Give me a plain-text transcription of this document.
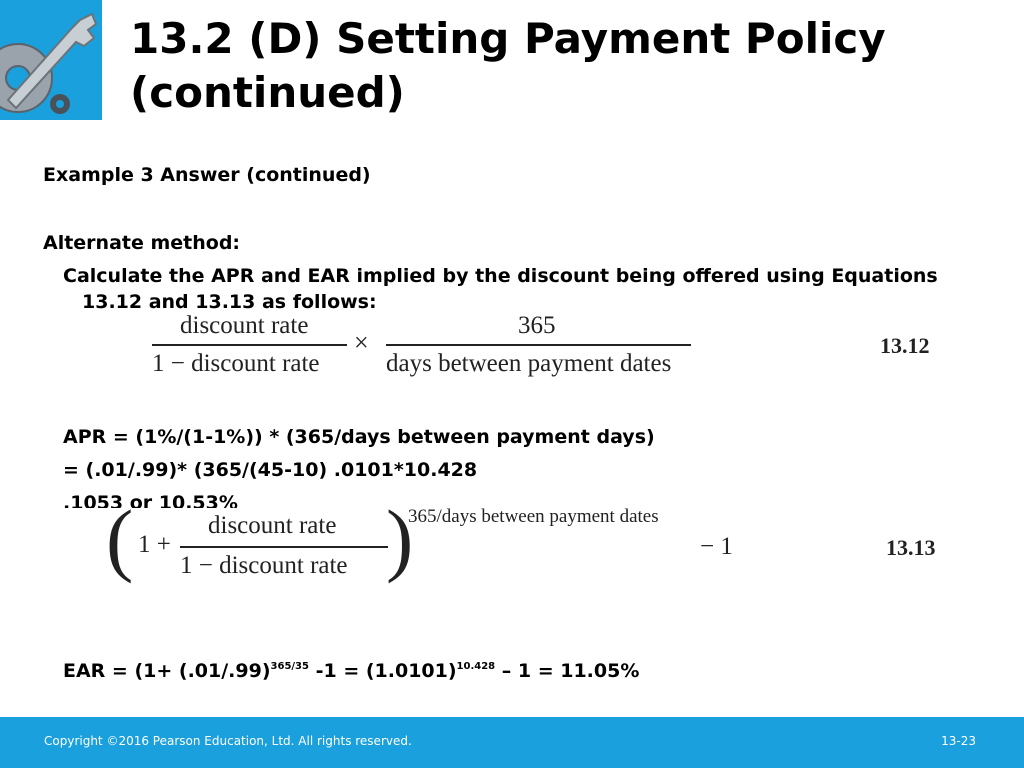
13.2 (D) Setting Payment Policy
(continued)

Example 3 Answer (continued)

Alternate method:

Calculate the APR and EAR implied by the discount being offered using Equations

13.12 and 13.13 as follows:

discount rate
1 − discount rate
×
365
days between payment dates
13.12

APR = (1%/(1-1%)) * (365/days between payment days)

= (.01/.99)* (365/(45-10) .0101*10.428

.1053 or 10.53%

( 1 +
discount rate
1 − discount rate )
365/days between payment dates
− 1	13.13

EAR = ($1+ (.01/.99)^{365/35}$ $-1 = (1.0101)^{10.428} - 1 = 11.05\%$

Copyright ©2016 Pearson Education, Ltd. All rights reserved.	13-23
